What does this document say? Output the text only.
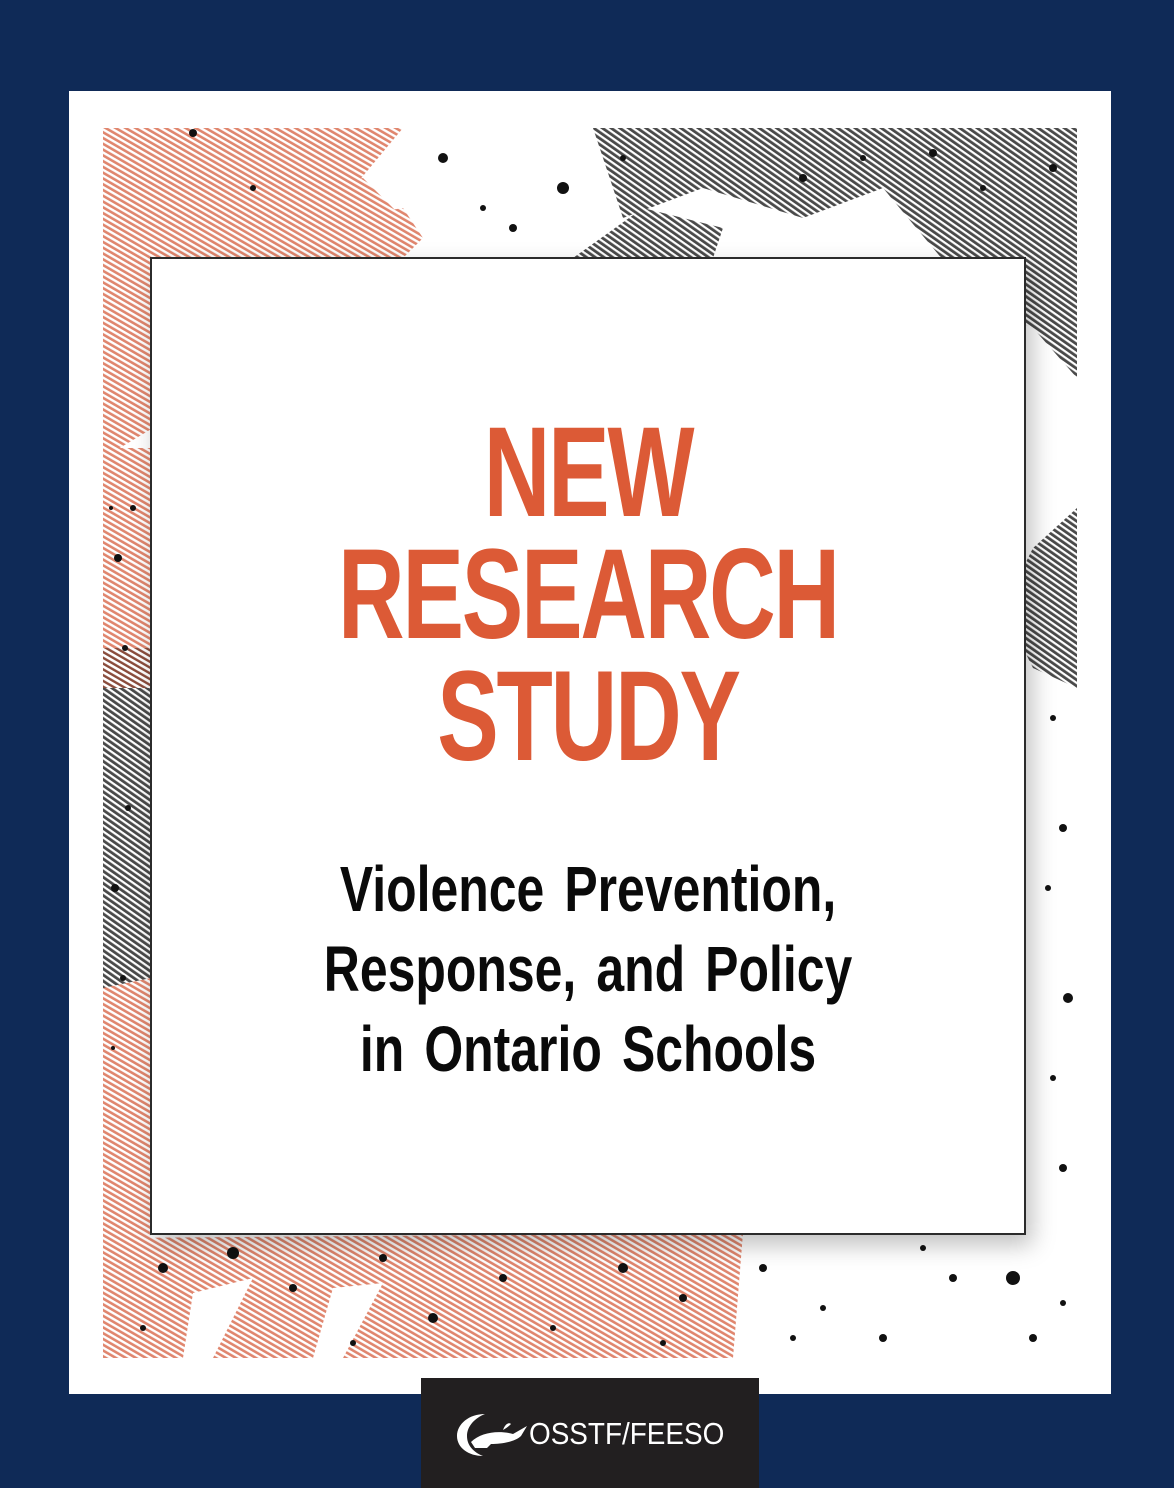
NEW
RESEARCH
STUDY
Violence Prevention,
Response, and Policy
in Ontario Schools
OSSTF/FEESO
